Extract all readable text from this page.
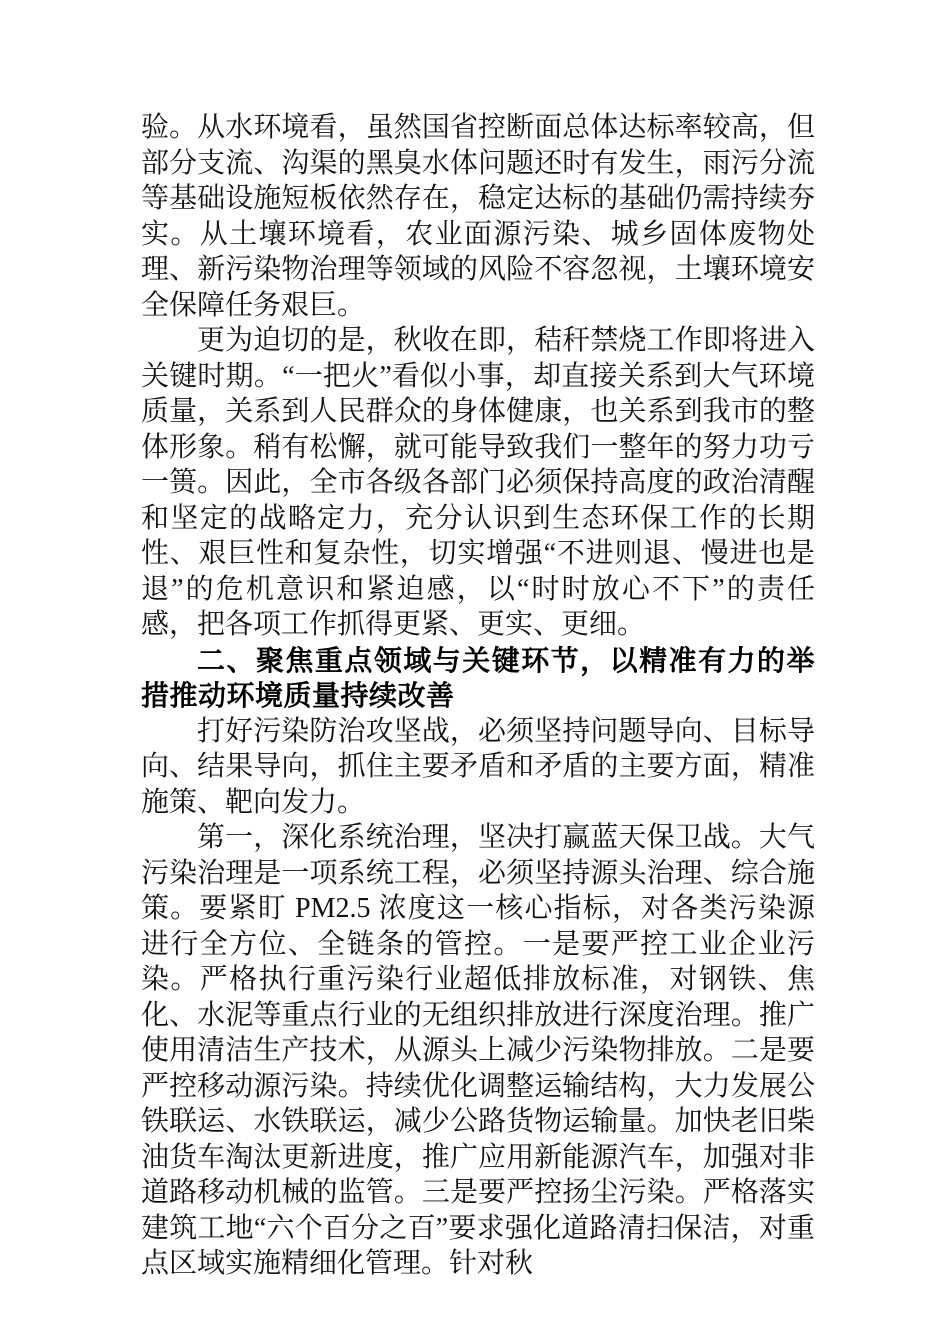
验。从水环境看，虽然国省控断面总体达标率较高，但部分支流、沟渠的黑臭水体问题还时有发生，雨污分流等基础设施短板依然存在，稳定达标的基础仍需持续夯实。从土壤环境看，农业面源污染、城乡固体废物处理、新污染物治理等领域的风险不容忽视，土壤环境安全保障任务艰巨。

更为迫切的是，秋收在即，秸秆禁烧工作即将进入关键时期。“一把火”看似小事，却直接关系到大气环境质量，关系到人民群众的身体健康，也关系到我市的整体形象。稍有松懈，就可能导致我们一整年的努力功亏一篑。因此，全市各级各部门必须保持高度的政治清醒和坚定的战略定力，充分认识到生态环保工作的长期性、艰巨性和复杂性，切实增强“不进则退、慢进也是退”的危机意识和紧迫感，以“时时放心不下”的责任感，把各项工作抓得更紧、更实、更细。

二、聚焦重点领域与关键环节，以精准有力的举措推动环境质量持续改善

打好污染防治攻坚战，必须坚持问题导向、目标导向、结果导向，抓住主要矛盾和矛盾的主要方面，精准施策、靶向发力。

第一，深化系统治理，坚决打赢蓝天保卫战。大气污染治理是一项系统工程，必须坚持源头治理、综合施策。要紧盯 PM2.5 浓度这一核心指标，对各类污染源进行全方位、全链条的管控。一是要严控工业企业污染。严格执行重污染行业超低排放标准，对钢铁、焦化、水泥等重点行业的无组织排放进行深度治理。推广使用清洁生产技术，从源头上减少污染物排放。二是要严控移动源污染。持续优化调整运输结构，大力发展公铁联运、水铁联运，减少公路货物运输量。加快老旧柴油货车淘汰更新进度，推广应用新能源汽车，加强对非道路移动机械的监管。三是要严控扬尘污染。严格落实建筑工地“六个百分之百”要求强化道路清扫保洁，对重点区域实施精细化管理。针对秋
